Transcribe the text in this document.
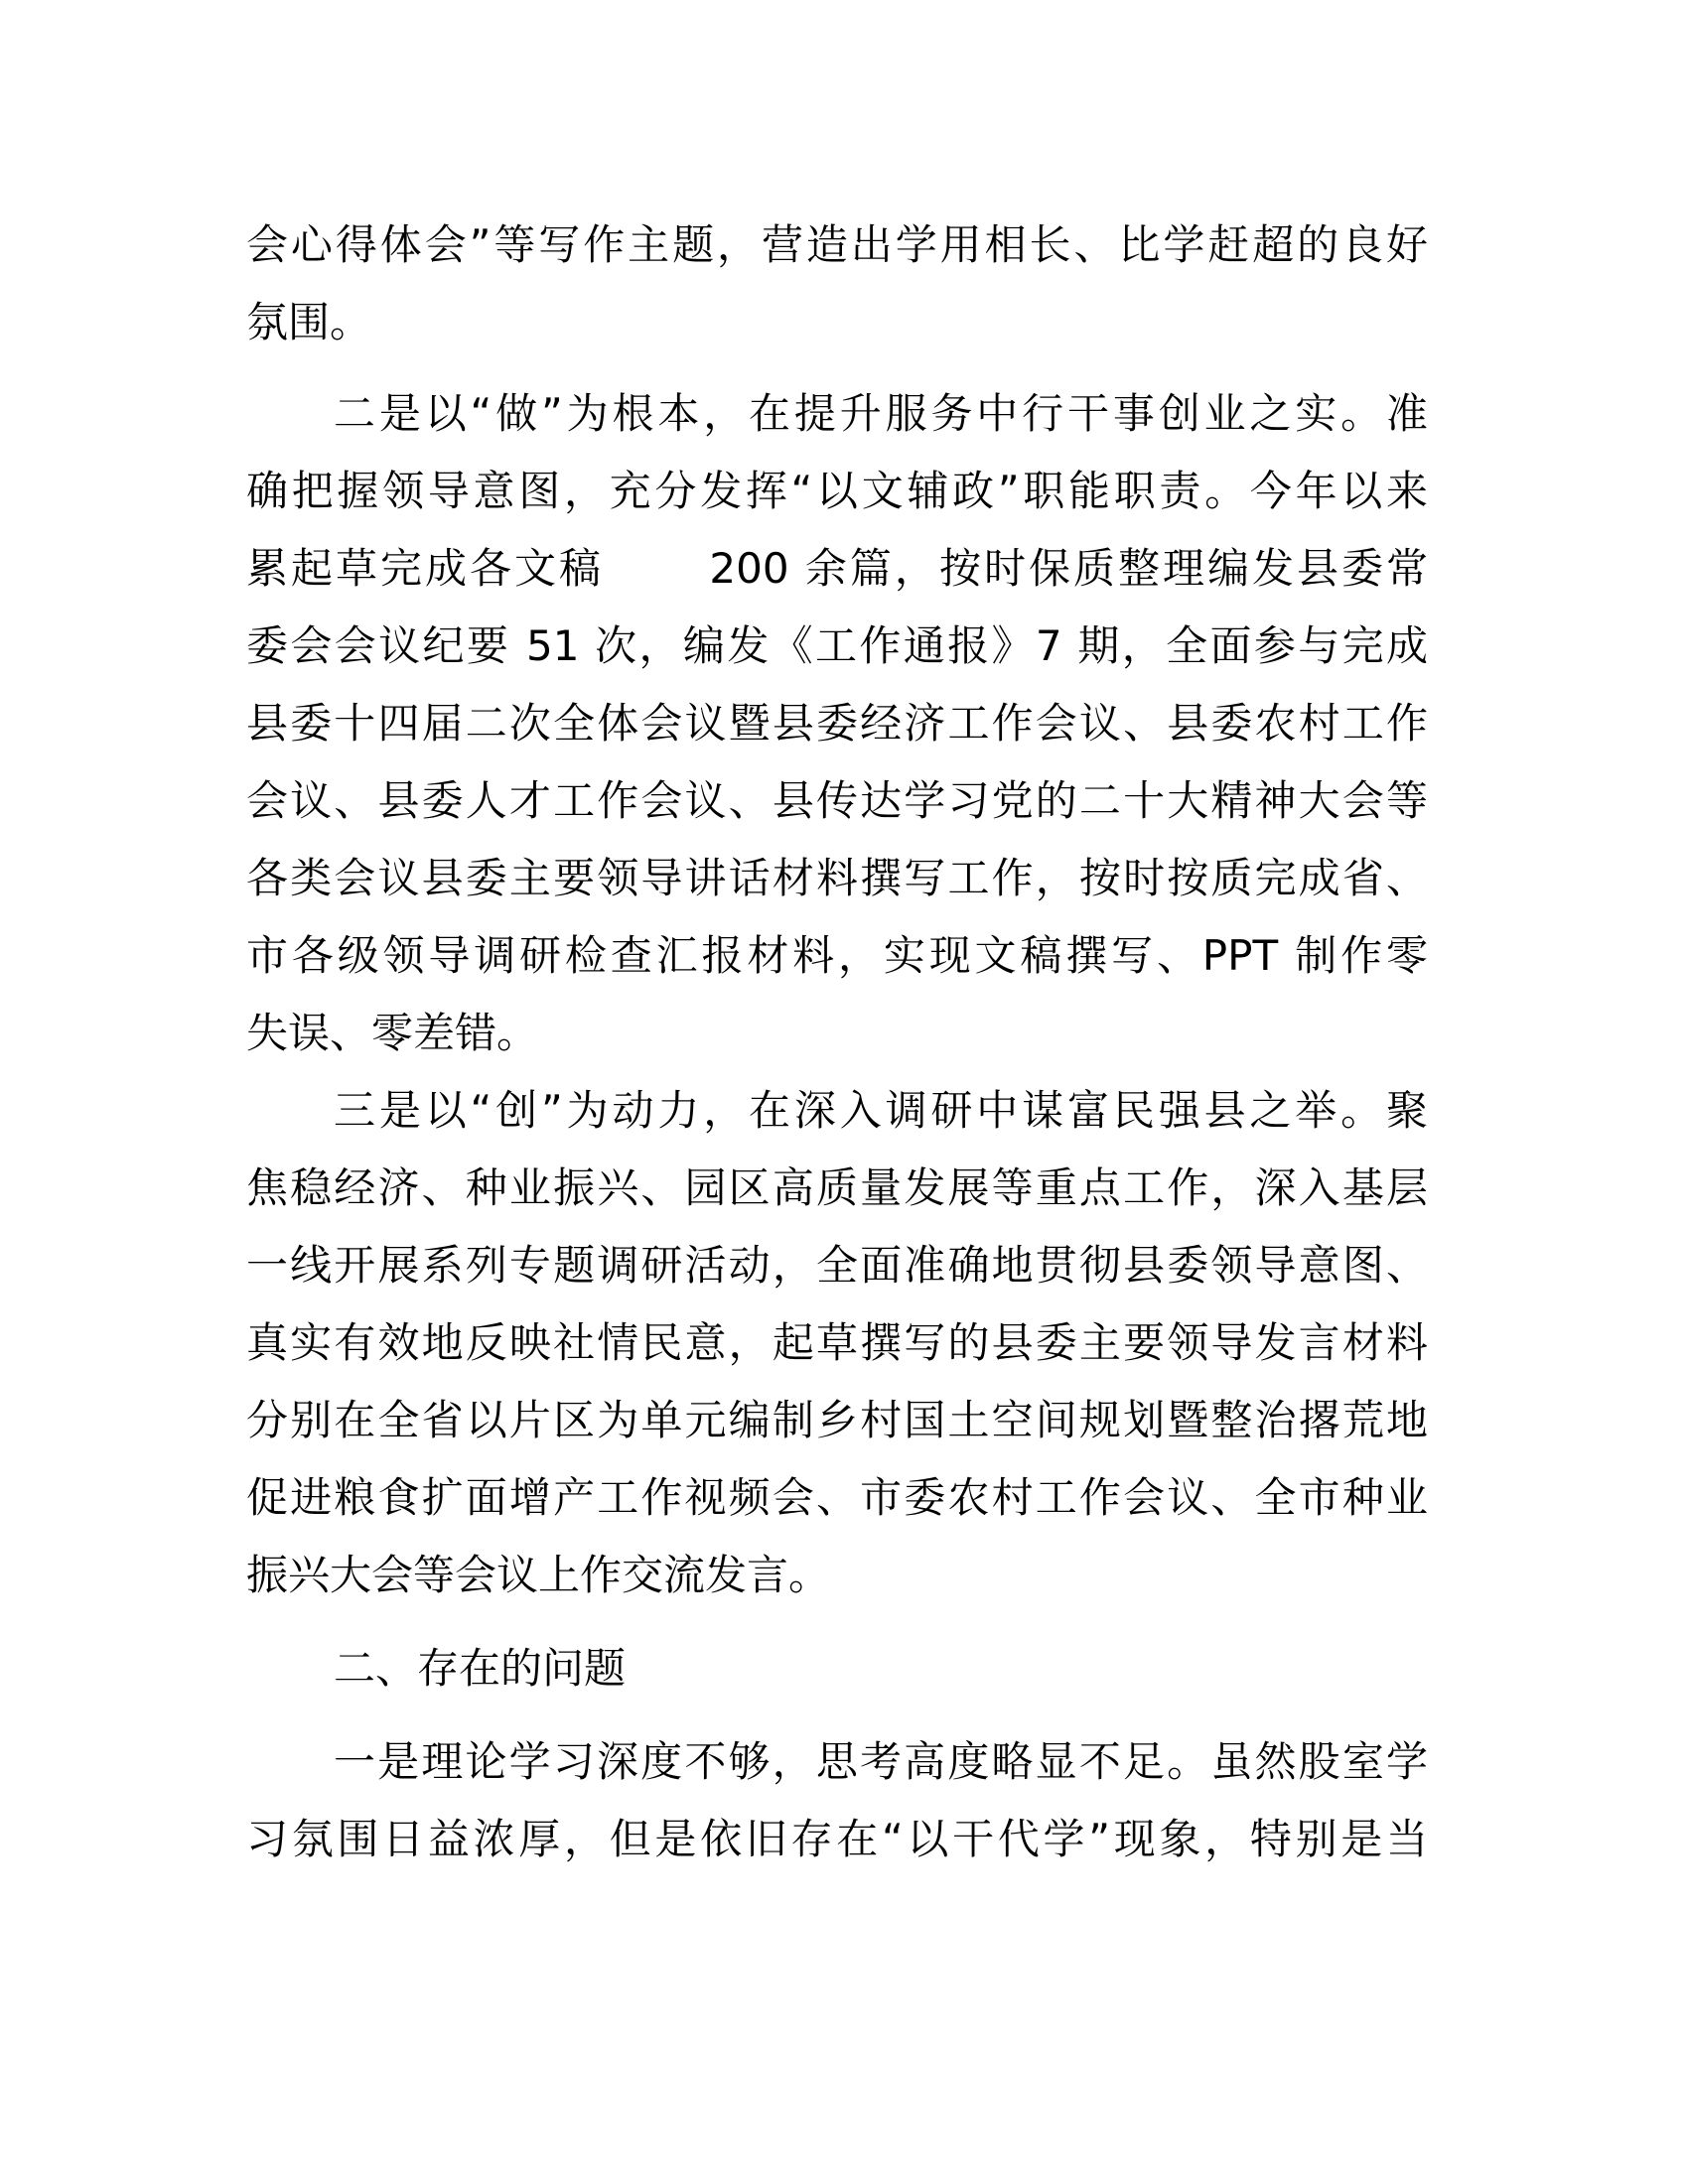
会心得体会”等写作主题，营造出学用相长、比学赶超的良好
氛围。
二是以“做”为根本，在提升服务中行干事创业之实。准
确把握领导意图，充分发挥“以文辅政”职能职责。今年以来
累起草完成各文稿　　 200 余篇，按时保质整理编发县委常
委会会议纪要 51 次，编发《工作通报》7 期，全面参与完成
县委十四届二次全体会议暨县委经济工作会议、县委农村工作
会议、县委人才工作会议、县传达学习党的二十大精神大会等
各类会议县委主要领导讲话材料撰写工作，按时按质完成省、
市各级领导调研检查汇报材料，实现文稿撰写、PPT 制作零
失误、零差错。
三是以“创”为动力，在深入调研中谋富民强县之举。聚
焦稳经济、种业振兴、园区高质量发展等重点工作，深入基层
一线开展系列专题调研活动，全面准确地贯彻县委领导意图、
真实有效地反映社情民意，起草撰写的县委主要领导发言材料
分别在全省以片区为单元编制乡村国土空间规划暨整治撂荒地
促进粮食扩面增产工作视频会、市委农村工作会议、全市种业
振兴大会等会议上作交流发言。
二、存在的问题
一是理论学习深度不够，思考高度略显不足。虽然股室学
习氛围日益浓厚，但是依旧存在“以干代学”现象，特别是当
